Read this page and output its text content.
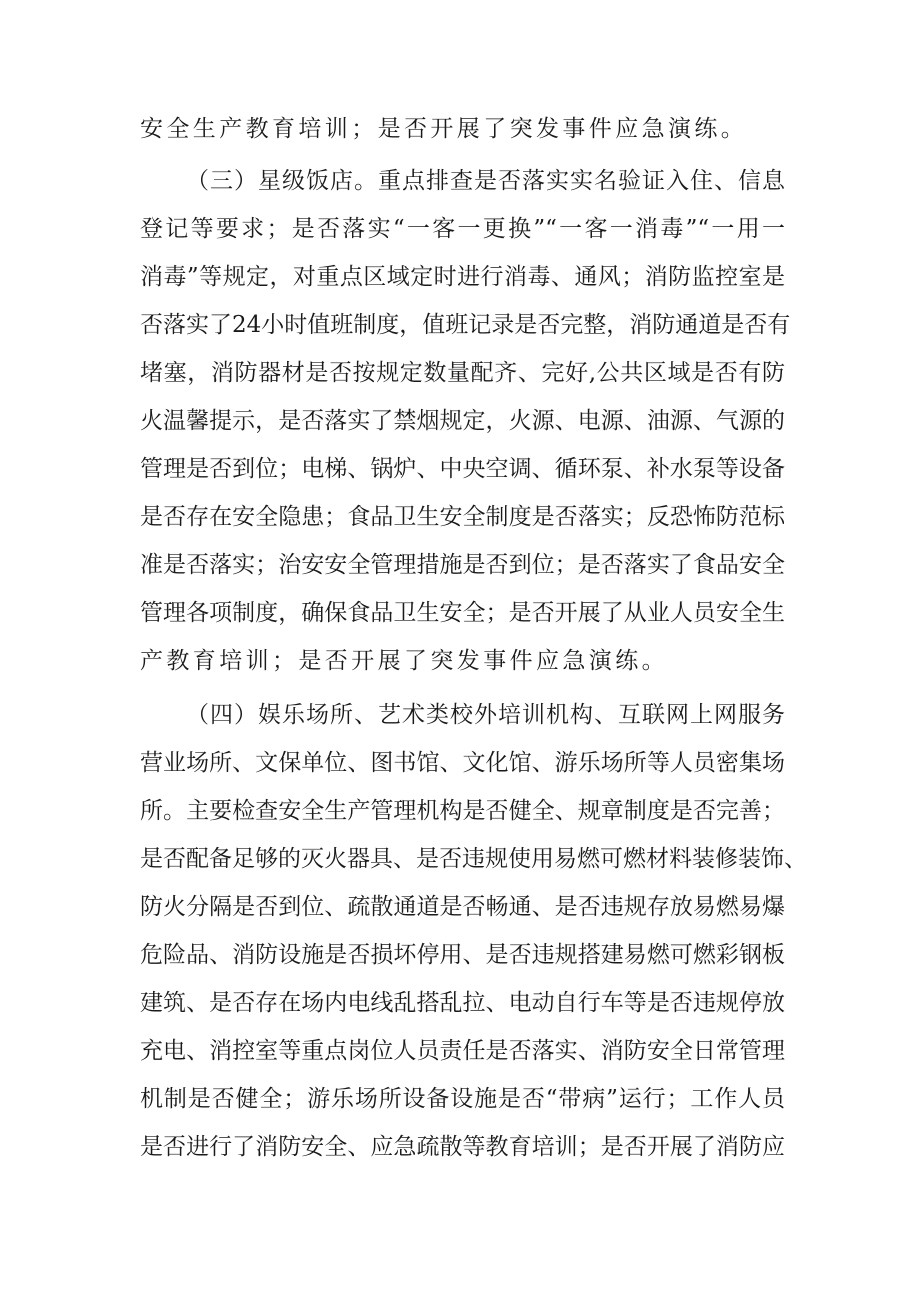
安全生产教育培训；是否开展了突发事件应急演练。
（三）星级饭店。重点排查是否落实实名验证入住、信息
登记等要求；是否落实“一客一更换”“一客一消毒”“一用一
消毒”等规定，对重点区域定时进行消毒、通风；消防监控室是
否落实了24小时值班制度，值班记录是否完整，消防通道是否有
堵塞，消防器材是否按规定数量配齐、完好,公共区域是否有防
火温馨提示，是否落实了禁烟规定，火源、电源、油源、气源的
管理是否到位；电梯、锅炉、中央空调、循环泵、补水泵等设备
是否存在安全隐患；食品卫生安全制度是否落实；反恐怖防范标
准是否落实；治安安全管理措施是否到位；是否落实了食品安全
管理各项制度，确保食品卫生安全；是否开展了从业人员安全生
产教育培训；是否开展了突发事件应急演练。
（四）娱乐场所、艺术类校外培训机构、互联网上网服务
营业场所、文保单位、图书馆、文化馆、游乐场所等人员密集场
所。主要检查安全生产管理机构是否健全、规章制度是否完善；
是否配备足够的灭火器具、是否违规使用易燃可燃材料装修装饰、
防火分隔是否到位、疏散通道是否畅通、是否违规存放易燃易爆
危险品、消防设施是否损坏停用、是否违规搭建易燃可燃彩钢板
建筑、是否存在场内电线乱搭乱拉、电动自行车等是否违规停放
充电、消控室等重点岗位人员责任是否落实、消防安全日常管理
机制是否健全；游乐场所设备设施是否“带病”运行；工作人员
是否进行了消防安全、应急疏散等教育培训；是否开展了消防应
